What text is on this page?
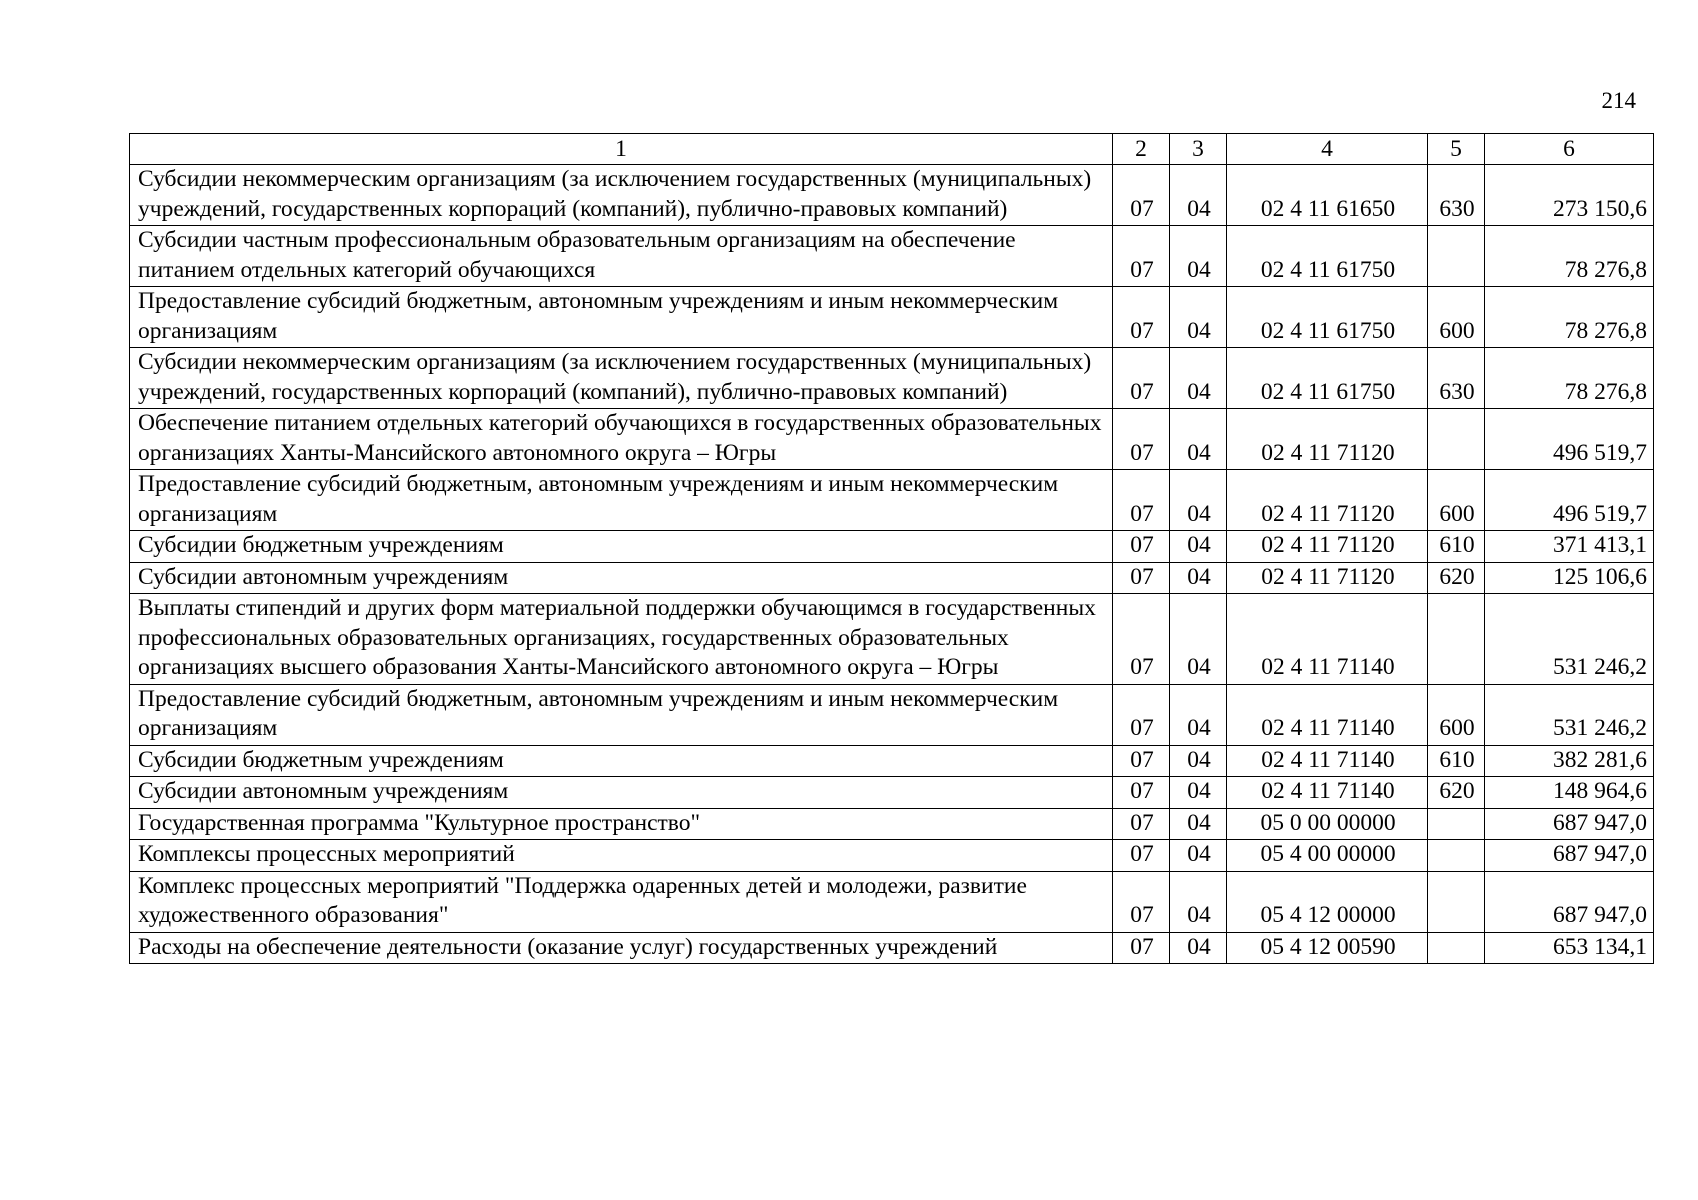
214
1	2	3	4	5	6
Субсидии некоммерческим организациям (за исключением государственных (муниципальных) учреждений, государственных корпораций (компаний), публично-правовых компаний)	07	04	02 4 11 61650	630	273 150,6
Субсидии частным профессиональным образовательным организациям на обеспечение питанием отдельных категорий обучающихся	07	04	02 4 11 61750		78 276,8
Предоставление субсидий бюджетным, автономным учреждениям и иным некоммерческим организациям	07	04	02 4 11 61750	600	78 276,8
Субсидии некоммерческим организациям (за исключением государственных (муниципальных) учреждений, государственных корпораций (компаний), публично-правовых компаний)	07	04	02 4 11 61750	630	78 276,8
Обеспечение питанием отдельных категорий обучающихся в государственных образовательных организациях Ханты-Мансийского автономного округа – Югры	07	04	02 4 11 71120		496 519,7
Предоставление субсидий бюджетным, автономным учреждениям и иным некоммерческим организациям	07	04	02 4 11 71120	600	496 519,7
Субсидии бюджетным учреждениям	07	04	02 4 11 71120	610	371 413,1
Субсидии автономным учреждениям	07	04	02 4 11 71120	620	125 106,6
Выплаты стипендий и других форм материальной поддержки обучающимся в государственных профессиональных образовательных организациях, государственных образовательных организациях высшего образования Ханты-Мансийского автономного округа – Югры	07	04	02 4 11 71140		531 246,2
Предоставление субсидий бюджетным, автономным учреждениям и иным некоммерческим организациям	07	04	02 4 11 71140	600	531 246,2
Субсидии бюджетным учреждениям	07	04	02 4 11 71140	610	382 281,6
Субсидии автономным учреждениям	07	04	02 4 11 71140	620	148 964,6
Государственная программа "Культурное пространство"	07	04	05 0 00 00000		687 947,0
Комплексы процессных мероприятий	07	04	05 4 00 00000		687 947,0
Комплекс процессных мероприятий "Поддержка одаренных детей и молодежи, развитие художественного образования"	07	04	05 4 12 00000		687 947,0
Расходы на обеспечение деятельности (оказание услуг) государственных учреждений	07	04	05 4 12 00590		653 134,1
